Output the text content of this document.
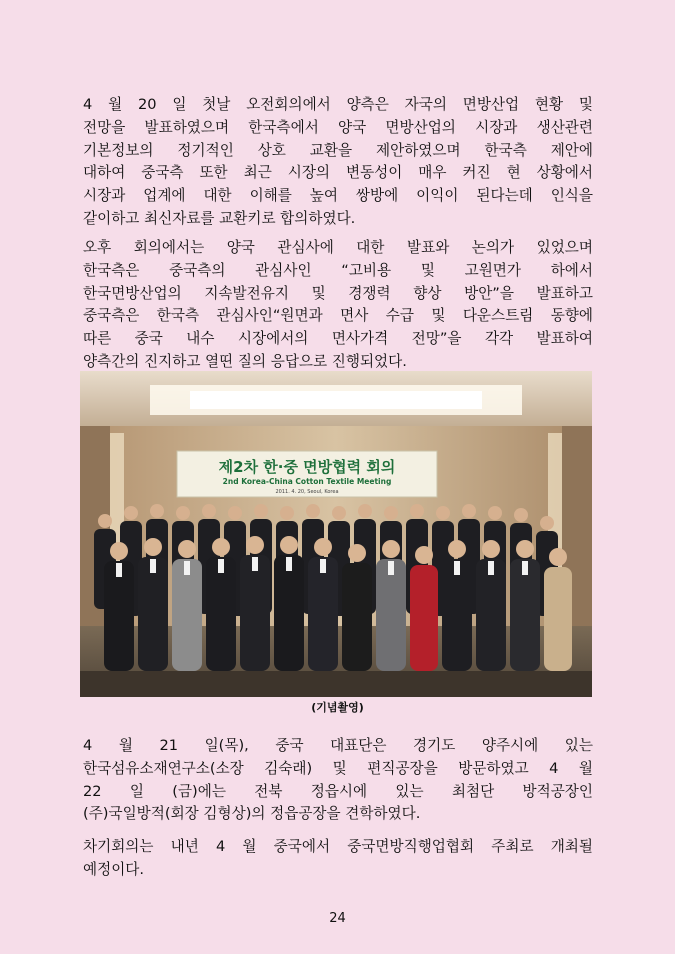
4 월 20 일 첫날 오전회의에서 양측은 자국의 면방산업 현황 및
전망을 발표하였으며 한국측에서 양국 면방산업의 시장과 생산관련
기본정보의 정기적인 상호 교환을 제안하였으며 한국측 제안에
대하여 중국측 또한 최근 시장의 변동성이 매우 커진 현 상황에서
시장과 업계에 대한 이해를 높여 쌍방에 이익이 된다는데 인식을
같이하고 최신자료를 교환키로 합의하였다.
오후 회의에서는 양국 관심사에 대한 발표와 논의가 있었으며
한국측은 중국측의 관심사인 “고비용 및 고원면가 하에서
한국면방산업의 지속발전유지 및 경쟁력 향상 방안”을 발표하고
중국측은 한국측 관심사인“원면과 면사 수급 및 다운스트림 동향에
따른 중국 내수 시장에서의 면사가격 전망”을 각각 발표하여
양측간의 진지하고 열띤 질의 응답으로 진행되었다.
제2차 한·중 면방협력 회의
2nd Korea-China Cotton Textile Meeting
2011. 4. 20, Seoul, Korea
(기념촬영)
4 월 21 일(목), 중국 대표단은 경기도 양주시에 있는
한국섬유소재연구소(소장 김숙래) 및 편직공장을 방문하였고 4 월
22 일 (금)에는 전북 정읍시에 있는 최첨단 방적공장인
(주)국일방적(회장 김형상)의 정읍공장을 견학하였다.
차기회의는 내년 4 월 중국에서 중국면방직행업협회 주최로 개최될
예정이다.
24
